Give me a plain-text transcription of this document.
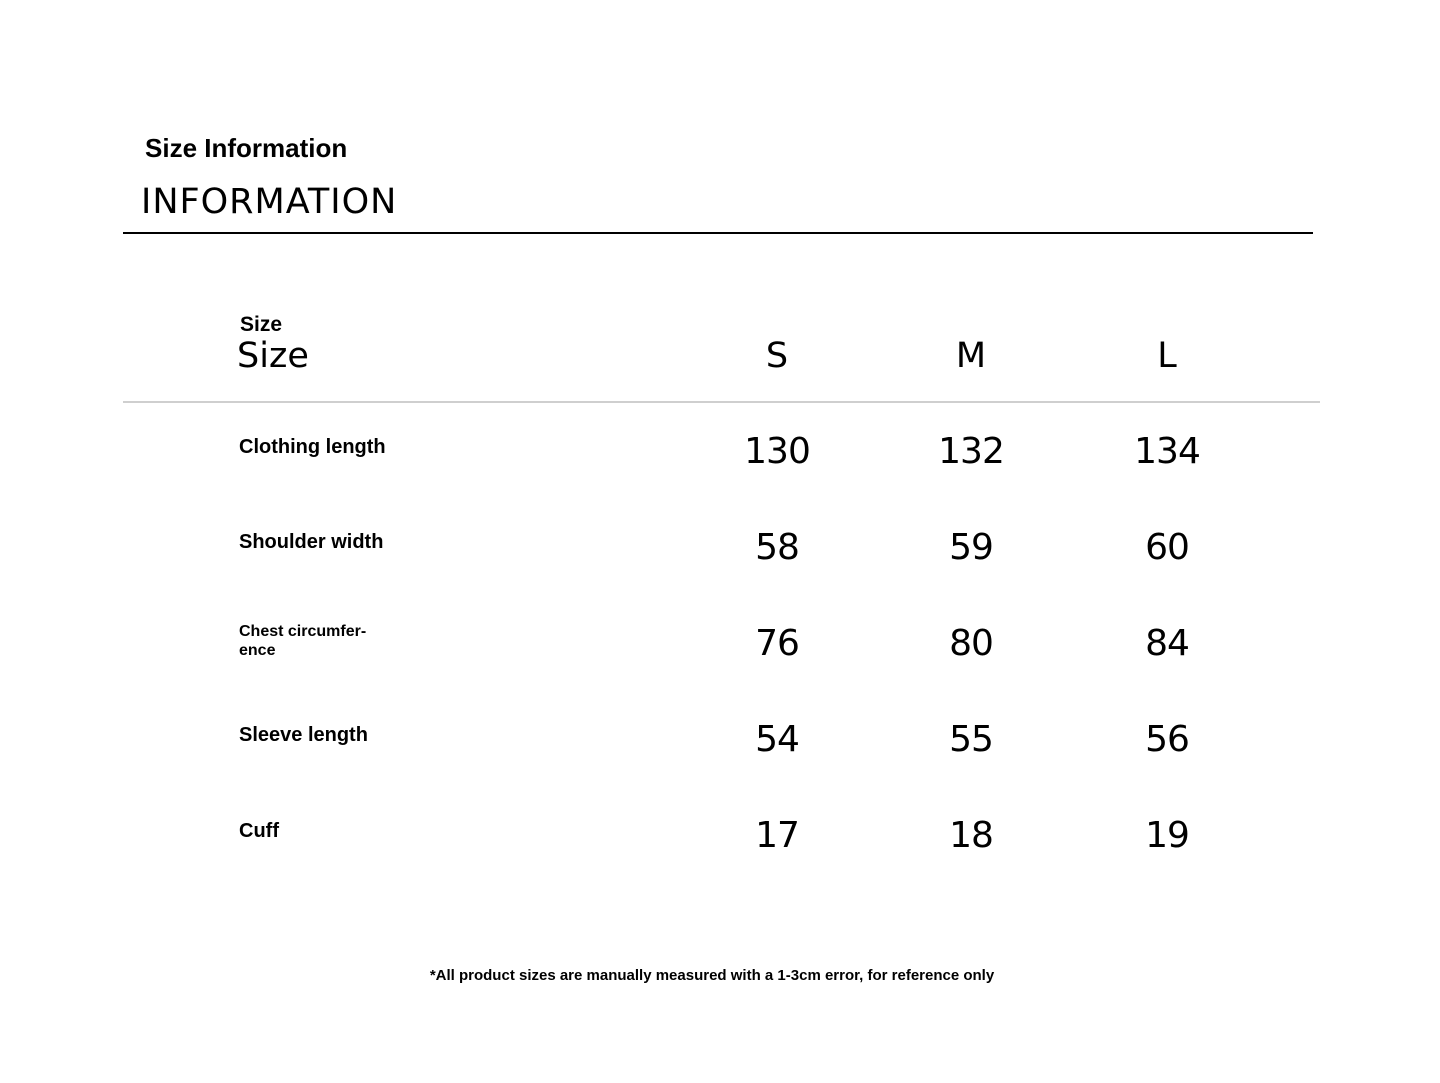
Size Information
INFORMATION
Size
Size	S	M	L
Clothing length	130	132	134
Shoulder width	58	59	60
Chest circumfer-
ence	76	80	84
Sleeve length	54	55	56
Cuff	17	18	19
*All product sizes are manually measured with a 1-3cm error, for reference only
